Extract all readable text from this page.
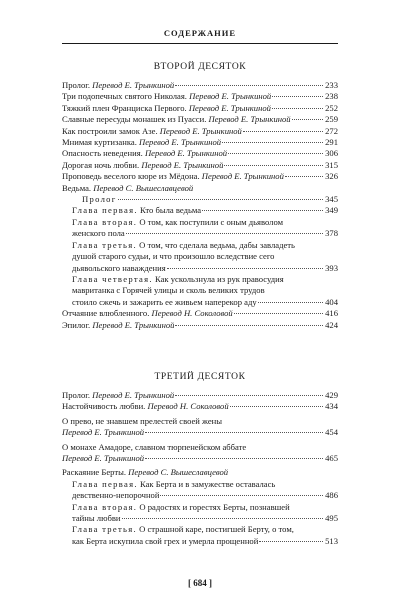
СОДЕРЖАНИЕ
ВТОРОЙ ДЕСЯТОК
Пролог. Перевод Е. Трынкиной	233
Три подопечных святого Николая. Перевод Е. Трынкиной	238
Тяжкий плен Франциска Первого. Перевод Е. Трынкиной	252
Славные пересуды монашек из Пуасси. Перевод Е. Трынкиной	259
Как построили замок Азе. Перевод Е. Трынкиной	272
Мнимая куртизанка. Перевод Е. Трынкиной	291
Опасность неведения. Перевод Е. Трынкиной	306
Дорогая ночь любви. Перевод Е. Трынкиной	315
Проповедь веселого кюре из Мёдона. Перевод Е. Трынкиной	326
Ведьма. Перевод С. Вышеславцевой
Пролог	345
Глава первая. Кто была ведьма	349
Глава вторая. О том, как поступили с оным дьяволом
женского пола	378
Глава третья. О том, что сделала ведьма, дабы завладеть
душой старого судьи, и что произошло вследствие сего
дьявольского наваждения	393
Глава четвертая. Как ускользнула из рук правосудия
мавританка с Горячей улицы и сколь великих трудов
стоило сжечь и зажарить ее живьем наперекор аду	404
Отчаяние влюбленного. Перевод Н. Соколовой	416
Эпилог. Перевод Е. Трынкиной	424
ТРЕТИЙ ДЕСЯТОК
Пролог. Перевод Е. Трынкиной	429
Настойчивость любви. Перевод Н. Соколовой	434
О прево, не знавшем прелестей своей жены
Перевод Е. Трынкиной	454
О монахе Амадоре, славном тюрпенейском аббате
Перевод Е. Трынкиной	465
Раскаяние Берты. Перевод С. Вышеславцевой
Глава первая. Как Берта и в замужестве оставалась
девственно-непорочной	486
Глава вторая. О радостях и горестях Берты, познавшей
тайны любви	495
Глава третья. О страшной каре, постигшей Берту, о том,
как Берта искупила свой грех и умерла прощенной	513
[ 684 ]
